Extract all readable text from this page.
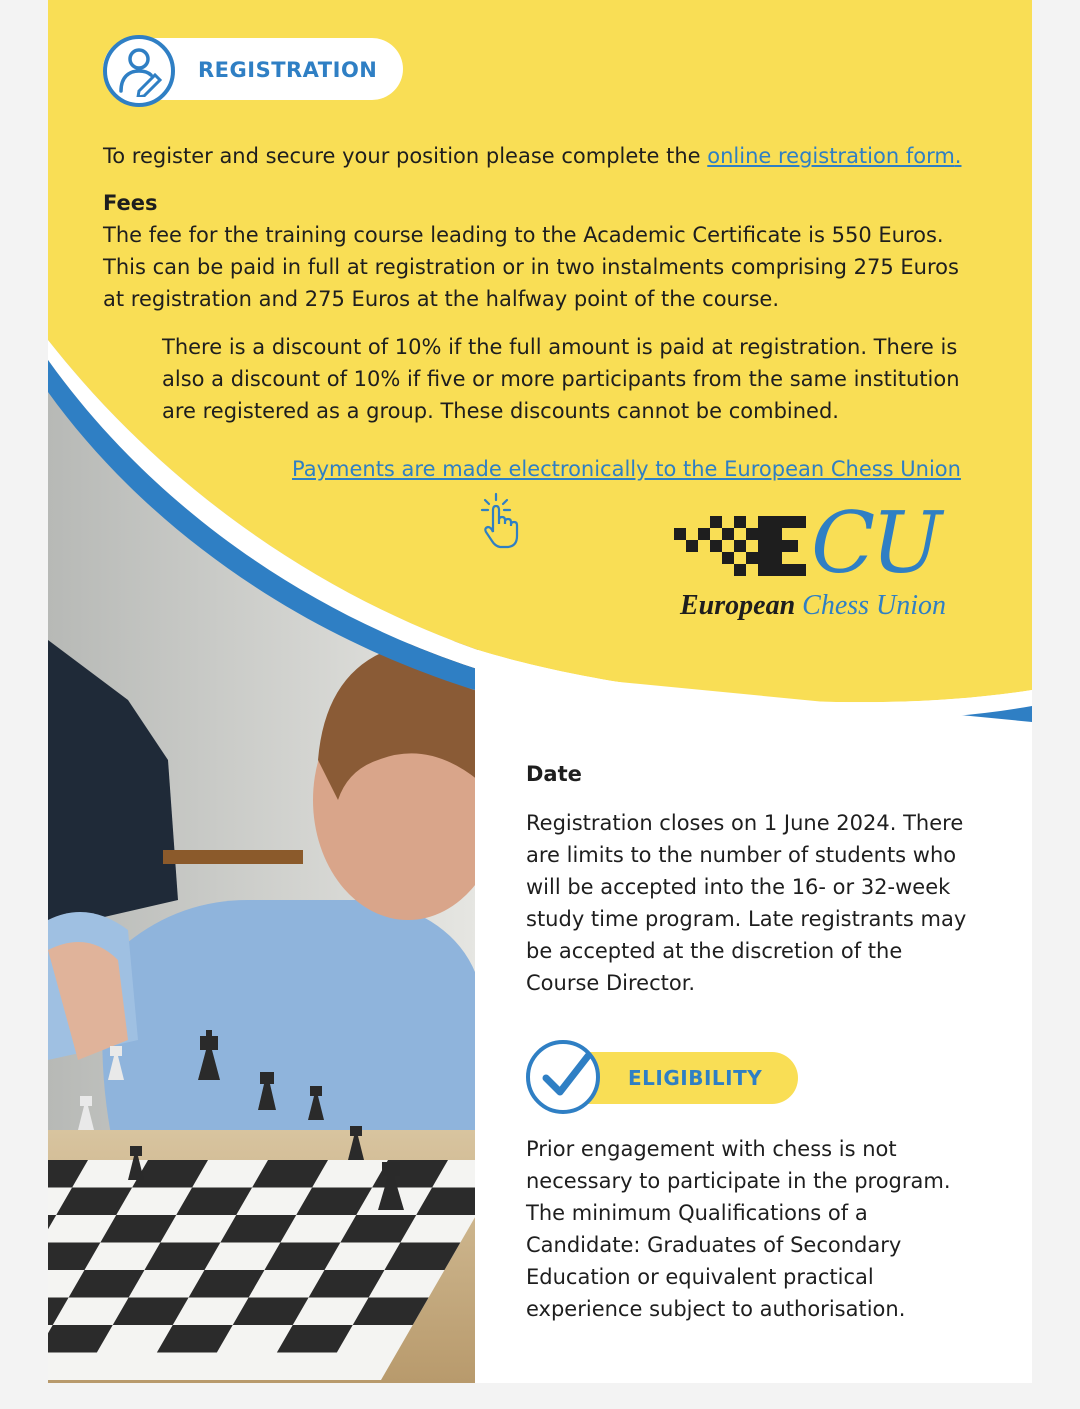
REGISTRATION
To register and secure your position please complete the online registration form.
Fees
The fee for the training course leading to the Academic Certificate is 550 Euros.
This can be paid in full at registration or in two instalments comprising 275 Euros
at registration and 275 Euros at the halfway point of the course.
There is a discount of 10% if the full amount is paid at registration. There is
also a discount of 10% if five or more participants from the same institution
are registered as a group. These discounts cannot be combined.
Payments are made electronically to the European Chess Union
CU
European Chess Union
Date
Registration closes on 1 June 2024. There
are limits to the number of students who
will be accepted into the 16- or 32-week
study time program. Late registrants may
be accepted at the discretion of the
Course Director.
ELIGIBILITY
Prior engagement with chess is not
necessary to participate in the program.
The minimum Qualifications of a
Candidate: Graduates of Secondary
Education or equivalent practical
experience subject to authorisation.
